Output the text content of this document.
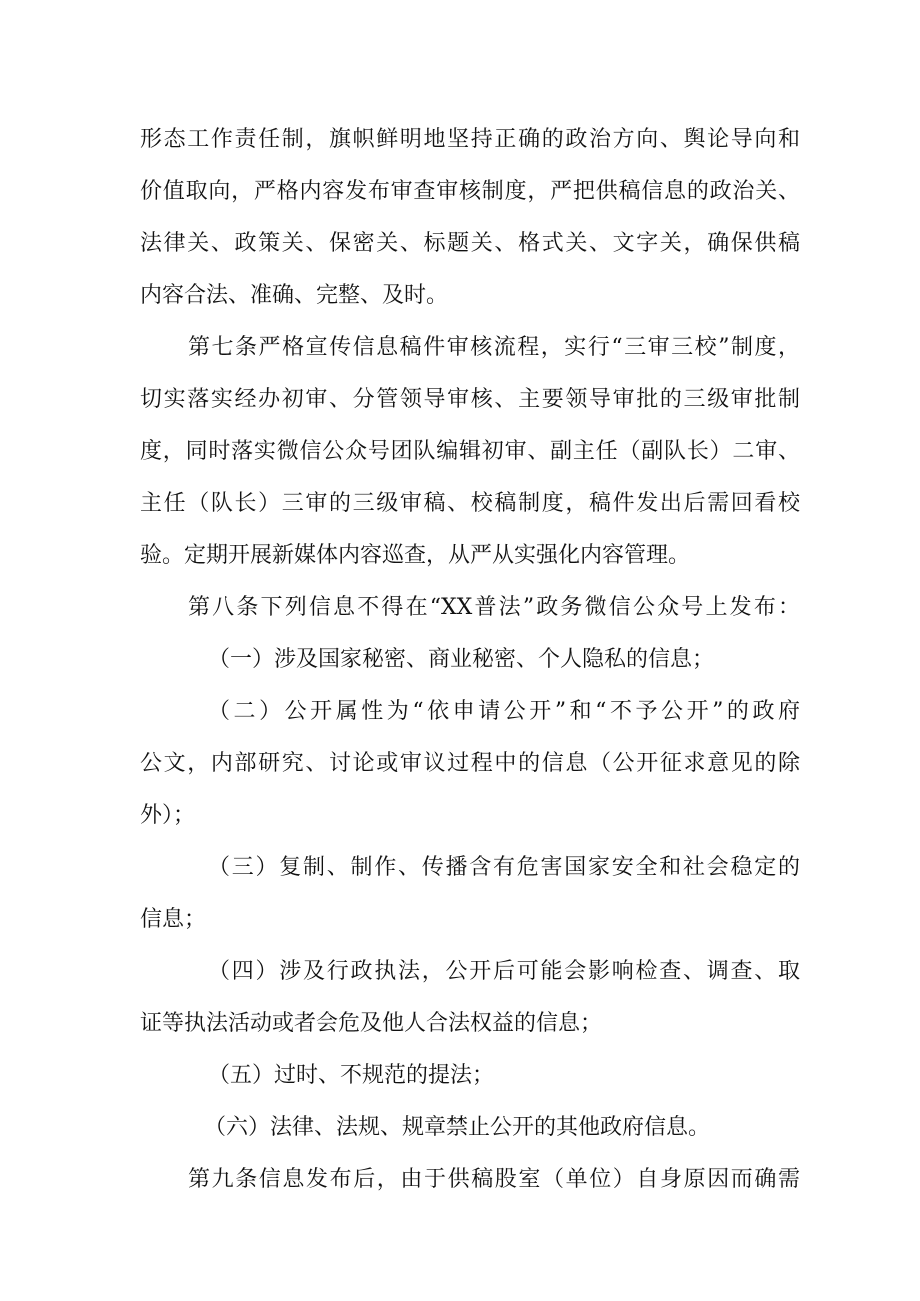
形态工作责任制，旗帜鲜明地坚持正确的政治方向、舆论导向和
价值取向，严格内容发布审查审核制度，严把供稿信息的政治关、
法律关、政策关、保密关、标题关、格式关、文字关，确保供稿
内容合法、准确、完整、及时。
第七条严格宣传信息稿件审核流程，实行“三审三校”制度，
切实落实经办初审、分管领导审核、主要领导审批的三级审批制
度，同时落实微信公众号团队编辑初审、副主任（副队长）二审、
主任（队长）三审的三级审稿、校稿制度，稿件发出后需回看校
验。定期开展新媒体内容巡查，从严从实强化内容管理。
第八条下列信息不得在“XX普法”政务微信公众号上发布：
（一）涉及国家秘密、商业秘密、个人隐私的信息；
（二）公开属性为“依申请公开”和“不予公开”的政府
公文，内部研究、讨论或审议过程中的信息（公开征求意见的除
外）；
（三）复制、制作、传播含有危害国家安全和社会稳定的
信息；
（四）涉及行政执法，公开后可能会影响检查、调查、取
证等执法活动或者会危及他人合法权益的信息；
（五）过时、不规范的提法；
（六）法律、法规、规章禁止公开的其他政府信息。
第九条信息发布后，由于供稿股室（单位）自身原因而确需
